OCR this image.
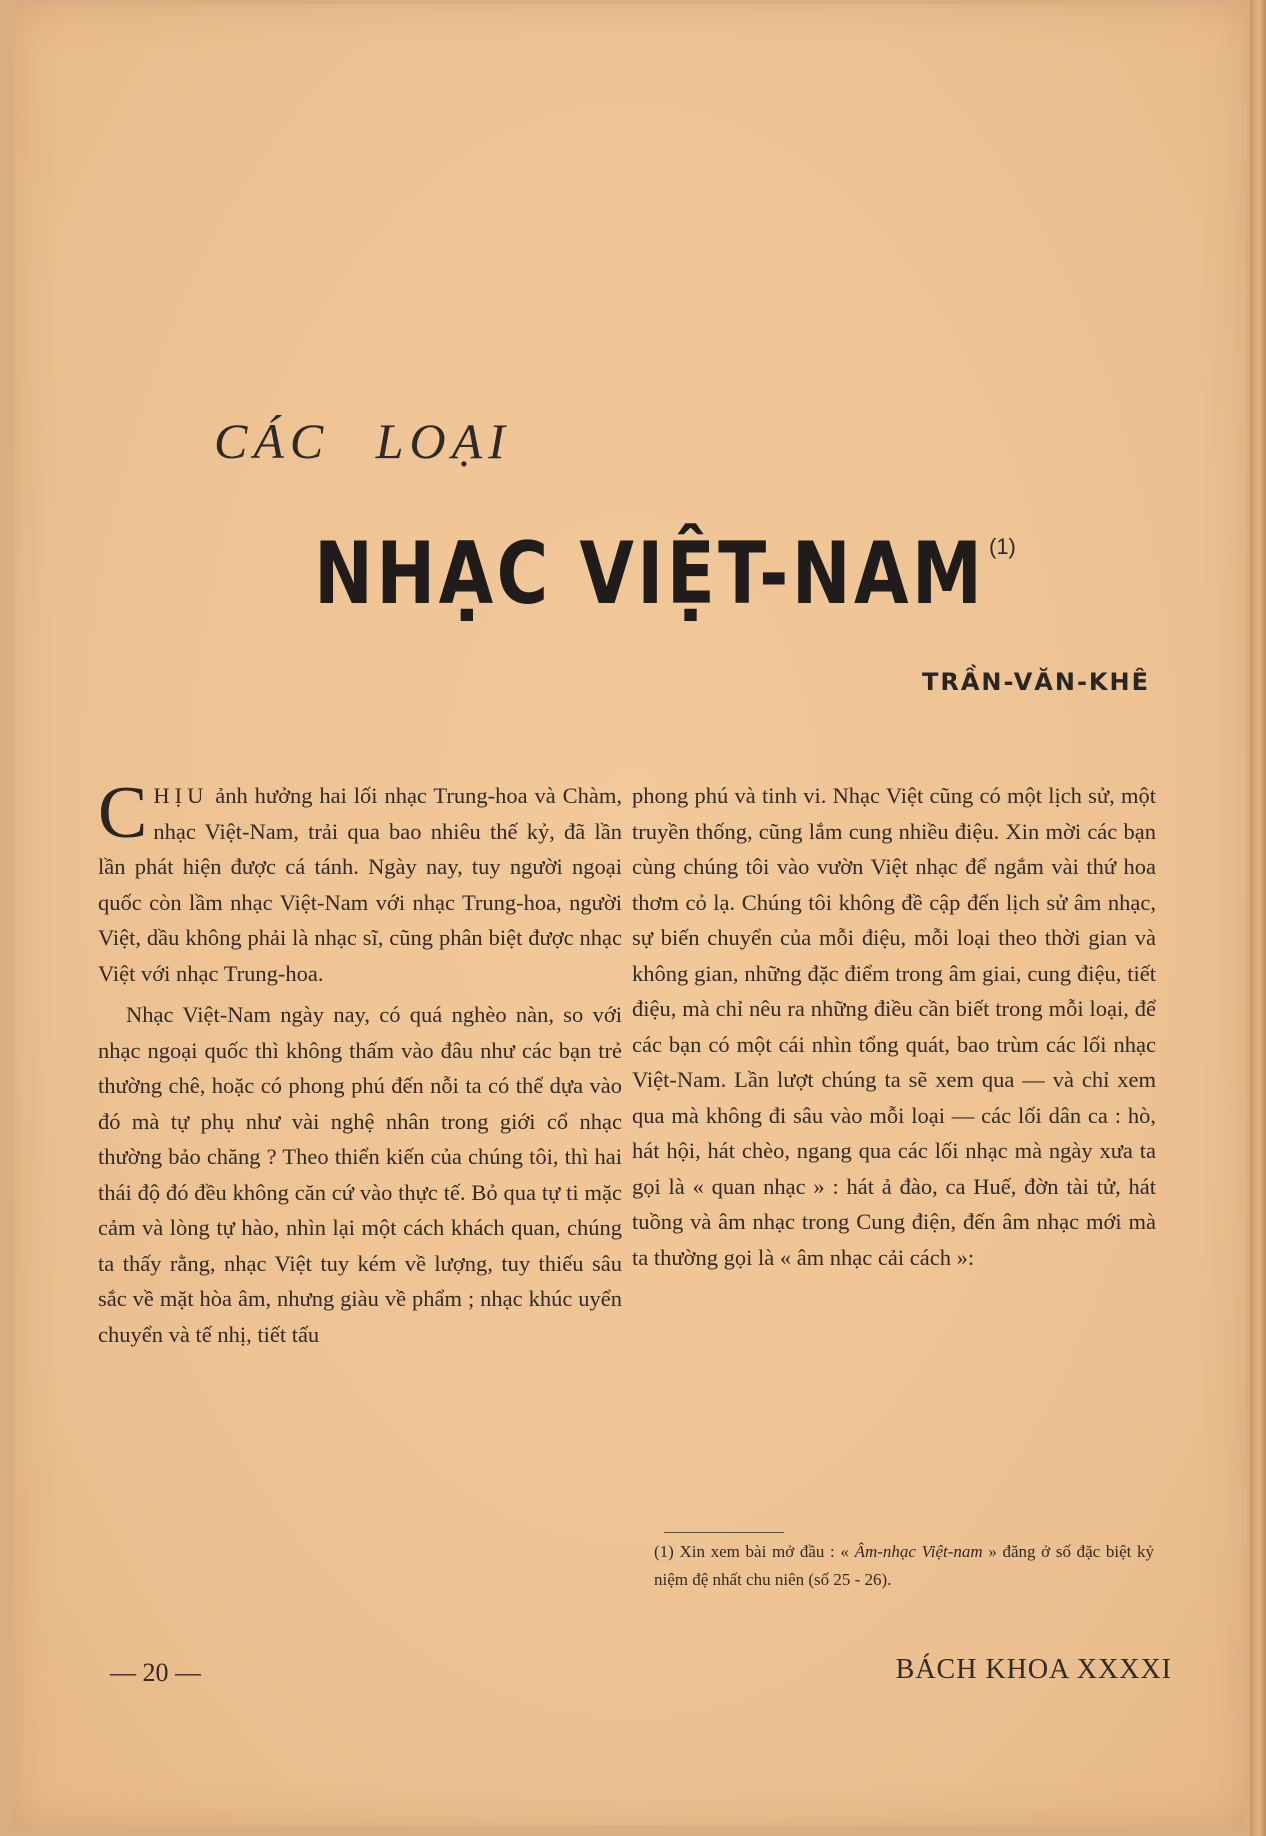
CÁC LOẠI
NHẠC VIỆT-NAM (1)
TRẦN-VĂN-KHÊ

CHỊU ảnh hưởng hai lối nhạc Trung-hoa và Chàm, nhạc Việt-Nam, trải qua bao nhiêu thế kỷ, đã lần lần phát hiện được cá tánh. Ngày nay, tuy người ngoại quốc còn lầm nhạc Việt-Nam với nhạc Trung-hoa, người Việt, dầu không phải là nhạc sĩ, cũng phân biệt được nhạc Việt với nhạc Trung-hoa.

Nhạc Việt-Nam ngày nay, có quá nghèo nàn, so với nhạc ngoại quốc thì không thấm vào đâu như các bạn trẻ thường chê, hoặc có phong phú đến nỗi ta có thể dựa vào đó mà tự phụ như vài nghệ nhân trong giới cổ nhạc thường bảo chăng ? Theo thiển kiến của chúng tôi, thì hai thái độ đó đều không căn cứ vào thực tế. Bỏ qua tự ti mặc cảm và lòng tự hào, nhìn lại một cách khách quan, chúng ta thấy rằng, nhạc Việt tuy kém về lượng, tuy thiếu sâu sắc về mặt hòa âm, nhưng giàu về phẩm ; nhạc khúc uyển chuyển và tế nhị, tiết tấu

phong phú và tinh vi. Nhạc Việt cũng có một lịch sử, một truyền thống, cũng lắm cung nhiều điệu. Xin mời các bạn cùng chúng tôi vào vườn Việt nhạc để ngắm vài thứ hoa thơm cỏ lạ. Chúng tôi không đề cập đến lịch sử âm nhạc, sự biến chuyển của mỗi điệu, mỗi loại theo thời gian và không gian, những đặc điểm trong âm giai, cung điệu, tiết điệu, mà chỉ nêu ra những điều cần biết trong mỗi loại, để các bạn có một cái nhìn tổng quát, bao trùm các lối nhạc Việt-Nam. Lần lượt chúng ta sẽ xem qua — và chỉ xem qua mà không đi sâu vào mỗi loại — các lối dân ca : hò, hát hội, hát chèo, ngang qua các lối nhạc mà ngày xưa ta gọi là « quan nhạc » : hát ả đào, ca Huế, đờn tài tử, hát tuồng và âm nhạc trong Cung điện, đến âm nhạc mới mà ta thường gọi là « âm nhạc cải cách »:

(1) Xin xem bài mở đầu : « Âm-nhạc Việt-nam » đăng ở số đặc biệt kỷ niệm đệ nhất chu niên (số 25 - 26).

— 20 —	BÁCH KHOA XXXXI
